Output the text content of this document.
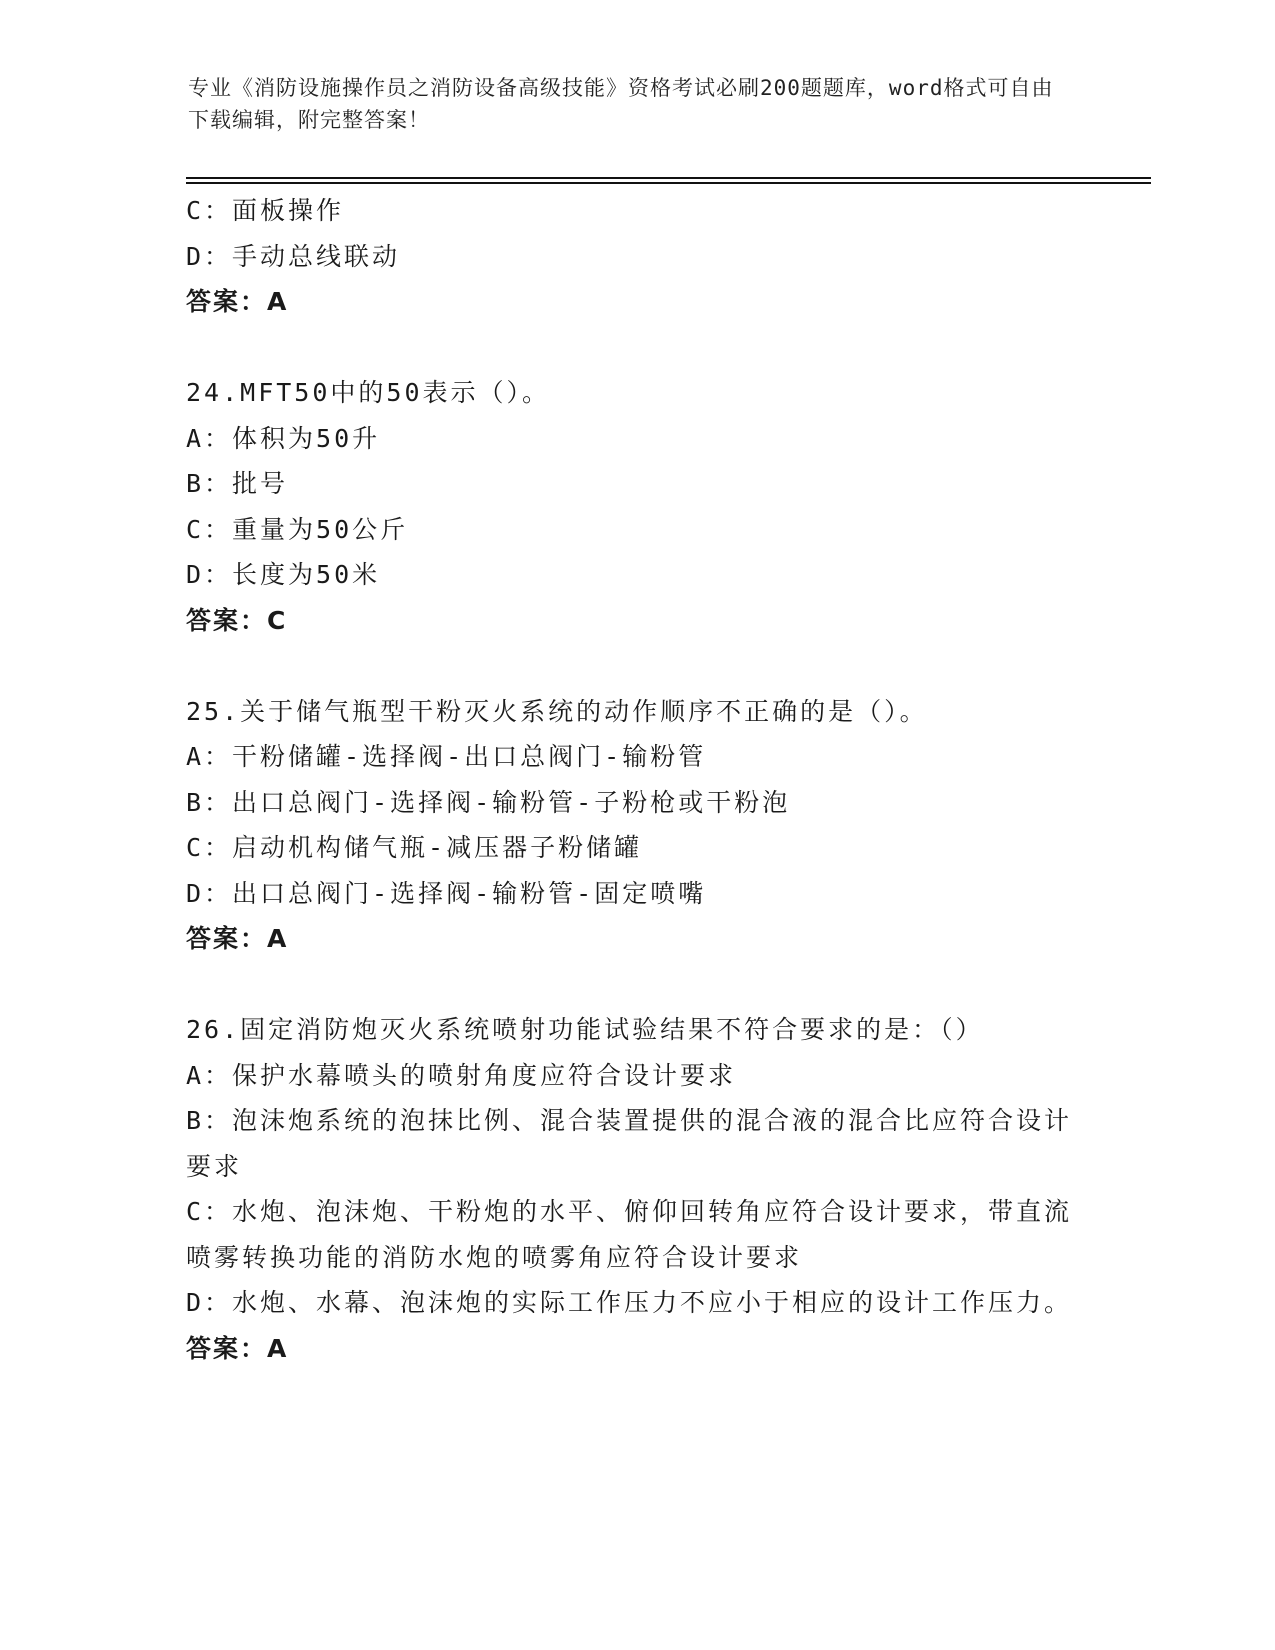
专业《消防设施操作员之消防设备高级技能》资格考试必刷200题题库，word格式可自由下载编辑，附完整答案！
C：面板操作
D：手动总线联动
答案：A
24.MFT50中的50表示（）。
A：体积为50升
B：批号
C：重量为50公斤
D：长度为50米
答案：C
25.关于储气瓶型干粉灭火系统的动作顺序不正确的是（）。
A：干粉储罐-选择阀-出口总阀门-输粉管
B：出口总阀门-选择阀-输粉管-子粉枪或干粉泡
C：启动机构储气瓶-减压器子粉储罐
D：出口总阀门-选择阀-输粉管-固定喷嘴
答案：A
26.固定消防炮灭火系统喷射功能试验结果不符合要求的是：（）
A：保护水幕喷头的喷射角度应符合设计要求
B：泡沫炮系统的泡抹比例、混合装置提供的混合液的混合比应符合设计要求
C：水炮、泡沫炮、干粉炮的水平、俯仰回转角应符合设计要求，带直流喷雾转换功能的消防水炮的喷雾角应符合设计要求
D：水炮、水幕、泡沫炮的实际工作压力不应小于相应的设计工作压力。
答案：A
